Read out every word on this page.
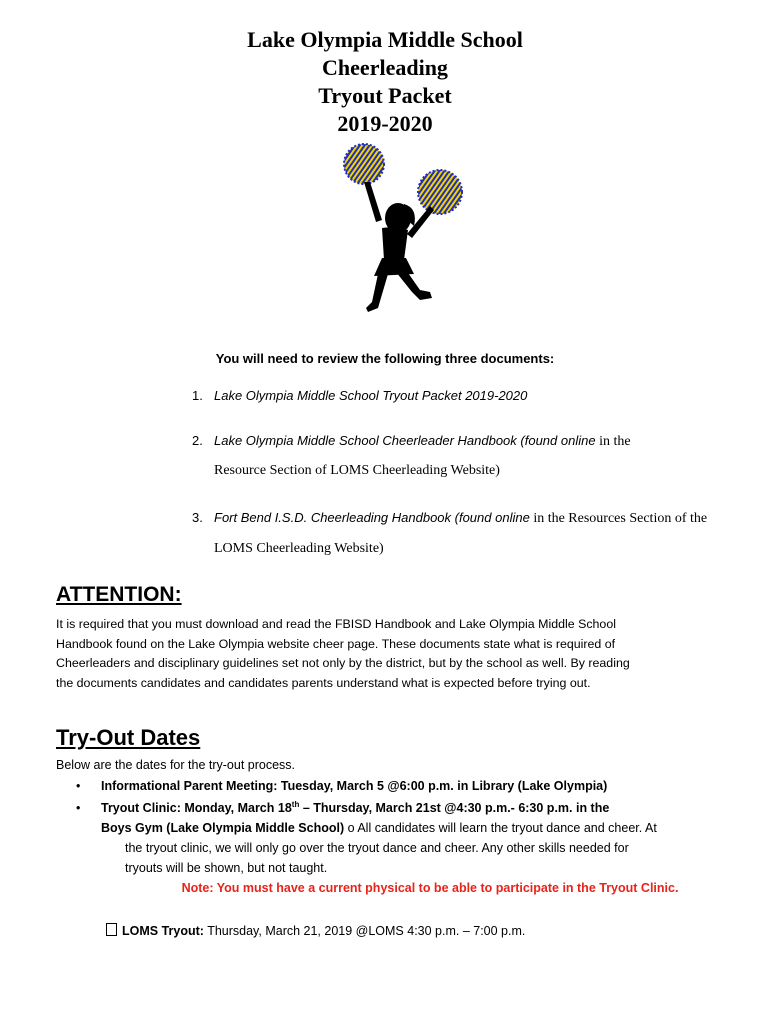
Lake Olympia Middle School
Cheerleading
Tryout Packet
2019-2020
You will need to review the following three documents:
1. Lake Olympia Middle School Tryout Packet 2019-2020
2. Lake Olympia Middle School Cheerleader Handbook (found online in the
Resource Section of LOMS Cheerleading Website)
3. Fort Bend I.S.D. Cheerleading Handbook (found online in the Resources Section of the
LOMS Cheerleading Website)
ATTENTION:
It is required that you must download and read the FBISD Handbook and Lake Olympia Middle School
Handbook found on the Lake Olympia website cheer page. These documents state what is required of
Cheerleaders and disciplinary guidelines set not only by the district, but by the school as well. By reading
the documents candidates and candidates parents understand what is expected before trying out.
Try-Out Dates
Below are the dates for the try-out process.
• Informational Parent Meeting: Tuesday, March 5 @6:00 p.m. in Library (Lake Olympia)
• Tryout Clinic: Monday, March 18th – Thursday, March 21st @4:30 p.m.- 6:30 p.m. in the
Boys Gym (Lake Olympia Middle School) o All candidates will learn the tryout dance and cheer. At
the tryout clinic, we will only go over the tryout dance and cheer. Any other skills needed for
tryouts will be shown, but not taught.
Note: You must have a current physical to be able to participate in the Tryout Clinic.
LOMS Tryout: Thursday, March 21, 2019 @LOMS 4:30 p.m. – 7:00 p.m.
